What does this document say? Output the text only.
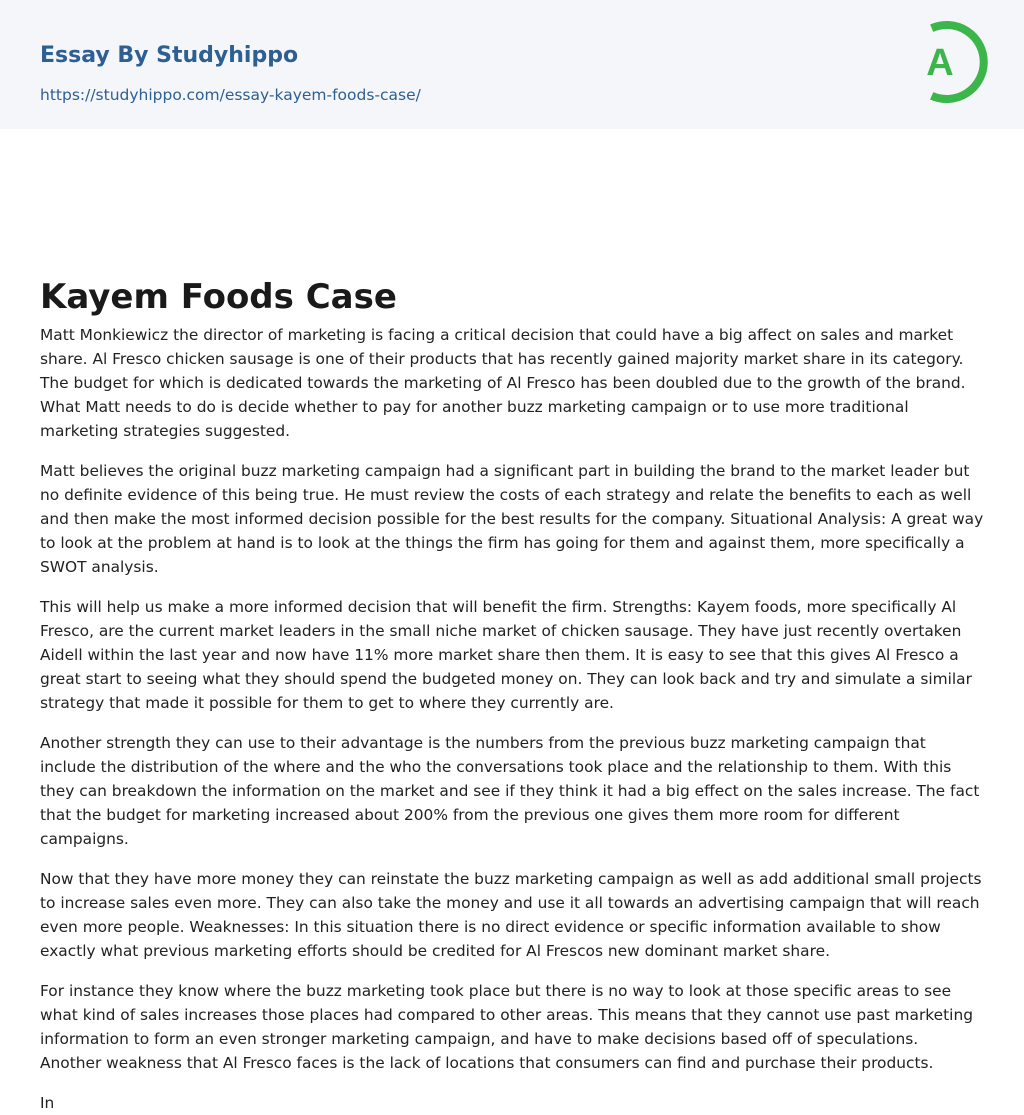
Essay By Studyhippo
https://studyhippo.com/essay-kayem-foods-case/
A
Kayem Foods Case

Matt Monkiewicz the director of marketing is facing a critical decision that could have a big affect on sales and market share. Al Fresco chicken sausage is one of their products that has recently gained majority market share in its category. The budget for which is dedicated towards the marketing of Al Fresco has been doubled due to the growth of the brand. What Matt needs to do is decide whether to pay for another buzz marketing campaign or to use more traditional marketing strategies suggested.

Matt believes the original buzz marketing campaign had a significant part in building the brand to the market leader but no definite evidence of this being true. He must review the costs of each strategy and relate the benefits to each as well and then make the most informed decision possible for the best results for the company. Situational Analysis: A great way to look at the problem at hand is to look at the things the firm has going for them and against them, more specifically a SWOT analysis.

This will help us make a more informed decision that will benefit the firm. Strengths: Kayem foods, more specifically Al Fresco, are the current market leaders in the small niche market of chicken sausage. They have just recently overtaken Aidell within the last year and now have 11% more market share then them. It is easy to see that this gives Al Fresco a great start to seeing what they should spend the budgeted money on. They can look back and try and simulate a similar strategy that made it possible for them to get to where they currently are.

Another strength they can use to their advantage is the numbers from the previous buzz marketing campaign that include the distribution of the where and the who the conversations took place and the relationship to them. With this they can breakdown the information on the market and see if they think it had a big effect on the sales increase. The fact that the budget for marketing increased about 200% from the previous one gives them more room for different campaigns.

Now that they have more money they can reinstate the buzz marketing campaign as well as add additional small projects to increase sales even more. They can also take the money and use it all towards an advertising campaign that will reach even more people. Weaknesses: In this situation there is no direct evidence or specific information available to show exactly what previous marketing efforts should be credited for Al Frescos new dominant market share.

For instance they know where the buzz marketing took place but there is no way to look at those specific areas to see what kind of sales increases those places had compared to other areas. This means that they cannot use past marketing information to form an even stronger marketing campaign, and have to make decisions based off of speculations. Another weakness that Al Fresco faces is the lack of locations that consumers can find and purchase their products.

In
